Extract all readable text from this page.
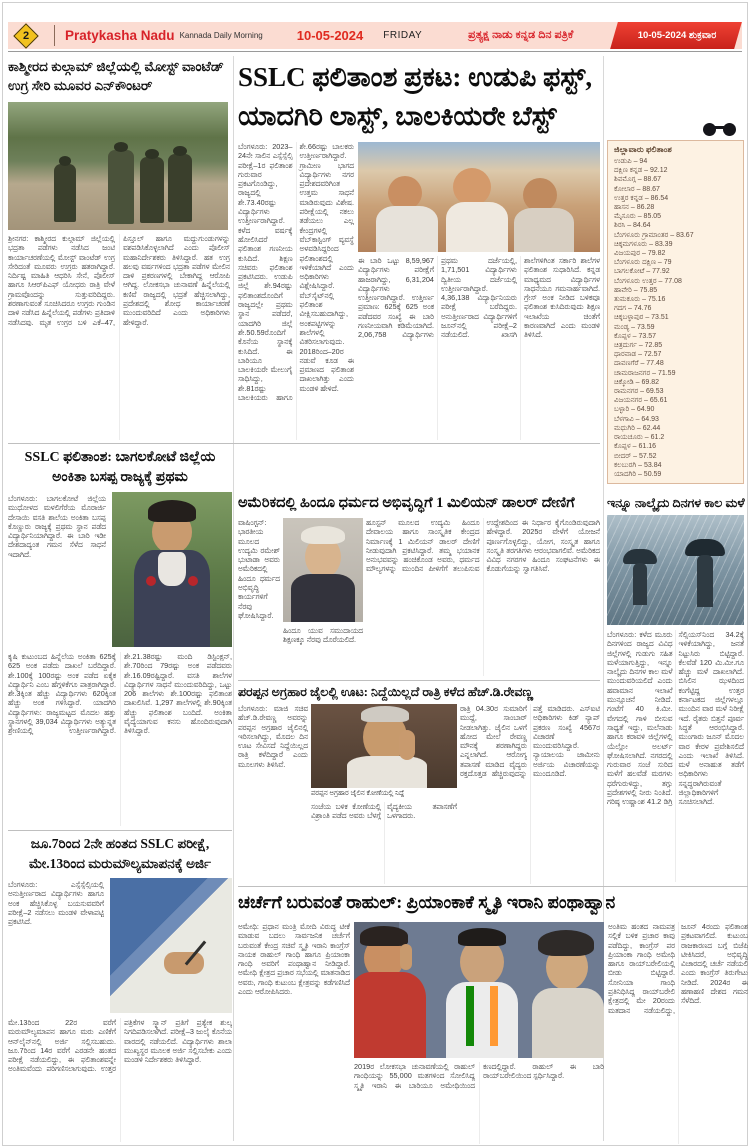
2	Pratykasha Nadu Kannada Daily Morning	10-05-2024 FRIDAY	ಪ್ರತ್ಯಕ್ಷ ನಾಡು ಕನ್ನಡ ದಿನ ಪತ್ರಿಕೆ	10-05-2024 ಶುಕ್ರವಾರ
ಕಾಶ್ಮೀರದ ಕುಲ್ಗಾಮ್ ಜಿಲ್ಲೆಯಲ್ಲಿ ಮೋಸ್ಟ್ ವಾಂಟೆಡ್ ಉಗ್ರ ಸೇರಿ ಮೂವರ ಎನ್‌ಕೌಂಟರ್
ಶ್ರೀನಗರ: ಕಾಶ್ಮೀರದ ಕುಲ್ಗಾಮ್ ಜಿಲ್ಲೆಯಲ್ಲಿ ಭದ್ರತಾ ಪಡೆಗಳು ನಡೆಸಿದ ಜಂಟಿ ಕಾರ್ಯಾಚರಣೆಯಲ್ಲಿ ಮೋಸ್ಟ್ ವಾಂಟೆಡ್ ಉಗ್ರ ಸೇರಿದಂತೆ ಮೂವರು ಉಗ್ರರು ಹತರಾಗಿದ್ದಾರೆ. ನಿರ್ದಿಷ್ಟ ಮಾಹಿತಿ ಆಧರಿಸಿ ಸೇನೆ, ಪೊಲೀಸ್ ಹಾಗೂ ಸಿಆರ್‌ಪಿಎಫ್ ಯೋಧರು ರಾತ್ರಿ ವೇಳೆ ಗ್ರಾಮವೊಂದನ್ನು ಸುತ್ತುವರಿದಿದ್ದರು. ಶರಣಾಗುವಂತೆ ಸೂಚಿಸಿದರೂ ಉಗ್ರರು ಗುಂಡಿನ ದಾಳಿ ನಡೆಸಿದ ಹಿನ್ನೆಲೆಯಲ್ಲಿ ಪಡೆಗಳು ಪ್ರತಿದಾಳಿ ನಡೆಸಿದವು. ಮೃತ ಉಗ್ರರ ಬಳಿ ಎಕೆ–47, ಪಿಸ್ತೂಲ್ ಹಾಗೂ ಮದ್ದುಗುಂಡುಗಳನ್ನು ವಶಪಡಿಸಿಕೊಳ್ಳಲಾಗಿದೆ ಎಂದು ಪೊಲೀಸ್ ಮಹಾನಿರ್ದೇಶಕರು ತಿಳಿಸಿದ್ದಾರೆ. ಹತ ಉಗ್ರ ಹಲವು ವರ್ಷಗಳಿಂದ ಭದ್ರತಾ ಪಡೆಗಳ ಮೇಲಿನ ದಾಳಿ ಪ್ರಕರಣಗಳಲ್ಲಿ ಬೇಕಾಗಿದ್ದ ಆರೋಪಿ ಆಗಿದ್ದ. ಲೋಕಸಭಾ ಚುನಾವಣೆ ಹಿನ್ನೆಲೆಯಲ್ಲಿ ಕಣಿವೆ ರಾಜ್ಯದಲ್ಲಿ ಭದ್ರತೆ ಹೆಚ್ಚಿಸಲಾಗಿದ್ದು, ಪ್ರದೇಶದಲ್ಲಿ ಶೋಧ ಕಾರ್ಯಾಚರಣೆ ಮುಂದುವರಿದಿದೆ ಎಂದು ಅಧಿಕಾರಿಗಳು ಹೇಳಿದ್ದಾರೆ.
SSLC ಫಲಿತಾಂಶ ಪ್ರಕಟ: ಉಡುಪಿ ಫಸ್ಟ್, ಯಾದಗಿರಿ ಲಾಸ್ಟ್, ಬಾಲಕಿಯರೇ ಬೆಸ್ಟ್
ಬೆಂಗಳೂರು: 2023–24ನೇ ಸಾಲಿನ ಎಸ್ಸೆಸ್ಸೆಲ್ಸಿ ಪರೀಕ್ಷೆ–1ರ ಫಲಿತಾಂಶ ಗುರುವಾರ ಪ್ರಕಟಗೊಂಡಿದ್ದು, ರಾಜ್ಯದಲ್ಲಿ ಶೇ.73.40ರಷ್ಟು ವಿದ್ಯಾರ್ಥಿಗಳು ಉತ್ತೀರ್ಣರಾಗಿದ್ದಾರೆ. ಕಳೆದ ವರ್ಷಕ್ಕೆ ಹೋಲಿಸಿದರೆ ಫಲಿತಾಂಶ ಗಣನೀಯ ಕುಸಿದಿದೆ. ಶಿಕ್ಷಣ ಸಚಿವರು ಫಲಿತಾಂಶ ಪ್ರಕಟಿಸಿದರು. ಉಡುಪಿ ಜಿಲ್ಲೆ ಶೇ.94ರಷ್ಟು ಫಲಿತಾಂಶದೊಂದಿಗೆ ರಾಜ್ಯದಲ್ಲೇ ಪ್ರಥಮ ಸ್ಥಾನ ಪಡೆದರೆ, ಯಾದಗಿರಿ ಜಿಲ್ಲೆ ಶೇ.50.59ರೊಂದಿಗೆ ಕೊನೆಯ ಸ್ಥಾನಕ್ಕೆ ಕುಸಿದಿದೆ. ಈ ಬಾರಿಯೂ ಬಾಲಕಿಯರೇ ಮೇಲುಗೈ ಸಾಧಿಸಿದ್ದು, ಶೇ.81ರಷ್ಟು ಬಾಲಕಿಯರು ಹಾಗೂ ಶೇ.66ರಷ್ಟು ಬಾಲಕರು ಉತ್ತೀರ್ಣರಾಗಿದ್ದಾರೆ. ಗ್ರಾಮೀಣ ಭಾಗದ ವಿದ್ಯಾರ್ಥಿಗಳು ನಗರ ಪ್ರದೇಶದವರಿಗಿಂತ ಉತ್ತಮ ಸಾಧನೆ ಮಾಡಿರುವುದು ವಿಶೇಷ. ಪರೀಕ್ಷೆಯಲ್ಲಿ ನಕಲು ತಡೆಯಲು ಎಲ್ಲ ಕೇಂದ್ರಗಳಲ್ಲಿ ವೆಬ್‌ಕಾಸ್ಟಿಂಗ್ ವ್ಯವಸ್ಥೆ ಅಳವಡಿಸಿದ್ದರಿಂದ ಫಲಿತಾಂಶದಲ್ಲಿ ಇಳಿಕೆಯಾಗಿದೆ ಎಂದು ಅಧಿಕಾರಿಗಳು ವಿಶ್ಲೇಷಿಸಿದ್ದಾರೆ. ವೆಬ್‌ಸೈಟ್‌ನಲ್ಲಿ ಫಲಿತಾಂಶ ವೀಕ್ಷಿಸಬಹುದಾಗಿದ್ದು, ಅಂಕಪಟ್ಟಿಗಳನ್ನು ಶಾಲೆಗಳಲ್ಲಿ ವಿತರಿಸಲಾಗುವುದು. 2018ರಿಂದ–20ರ ನಡುವೆ ಕೂಡ ಈ ಪ್ರಮಾಣದ ಫಲಿತಾಂಶ ದಾಖಲಾಗಿತ್ತು ಎಂದು ಮಂಡಳಿ ಹೇಳಿದೆ.
ಈ ಬಾರಿ ಒಟ್ಟು 8,59,967 ವಿದ್ಯಾರ್ಥಿಗಳು ಪರೀಕ್ಷೆಗೆ ಹಾಜರಾಗಿದ್ದು, 6,31,204 ವಿದ್ಯಾರ್ಥಿಗಳು ಉತ್ತೀರ್ಣರಾಗಿದ್ದಾರೆ. ಉತ್ತೀರ್ಣ ಪ್ರಮಾಣ: 625ಕ್ಕೆ 625 ಅಂಕ ಪಡೆದವರ ಸಂಖ್ಯೆ ಈ ಬಾರಿ ಗಣನೀಯವಾಗಿ ಕಡಿಮೆಯಾಗಿದೆ. 2,06,758 ವಿದ್ಯಾರ್ಥಿಗಳು ಪ್ರಥಮ ದರ್ಜೆಯಲ್ಲಿ, 1,71,501 ವಿದ್ಯಾರ್ಥಿಗಳು ದ್ವಿತೀಯ ದರ್ಜೆಯಲ್ಲಿ ಉತ್ತೀರ್ಣರಾಗಿದ್ದಾರೆ. 4,36,138 ವಿದ್ಯಾರ್ಥಿನಿಯರು ಪರೀಕ್ಷೆ ಬರೆದಿದ್ದರು. ಅನುತ್ತೀರ್ಣರಾದ ವಿದ್ಯಾರ್ಥಿಗಳಿಗೆ ಜೂನ್‌ನಲ್ಲಿ ಪರೀಕ್ಷೆ–2 ನಡೆಯಲಿದೆ. ಖಾಸಗಿ ಶಾಲೆಗಳಿಗಿಂತ ಸರ್ಕಾರಿ ಶಾಲೆಗಳ ಫಲಿತಾಂಶ ಸುಧಾರಿಸಿದೆ. ಕನ್ನಡ ಮಾಧ್ಯಮದ ವಿದ್ಯಾರ್ಥಿಗಳ ಸಾಧನೆಯೂ ಗಮನಾರ್ಹವಾಗಿದೆ. ಗ್ರೇಸ್ ಅಂಕ ನೀಡಿದ ಬಳಿಕವೂ ಫಲಿತಾಂಶ ಕುಸಿದಿರುವುದು ಶಿಕ್ಷಣ ಇಲಾಖೆಯ ಚಿಂತೆಗೆ ಕಾರಣವಾಗಿದೆ ಎಂದು ಮಂಡಳಿ ತಿಳಿಸಿದೆ.
ಜಿಲ್ಲಾವಾರು ಫಲಿತಾಂಶ
ಉಡುಪಿ – 94
ದಕ್ಷಿಣ ಕನ್ನಡ – 92.12
ಶಿವಮೊಗ್ಗ – 88.67
ಕೋಲಾರ – 88.67
ಉತ್ತರ ಕನ್ನಡ – 86.54
ಹಾಸನ – 86.28
ಮೈಸೂರು – 85.05
ಶಿರಸಿ – 84.64
ಬೆಂಗಳೂರು ಗ್ರಾಮಾಂತರ – 83.67
ಚಿಕ್ಕಮಗಳೂರು – 83.39
ವಿಜಯಪುರ – 79.82
ಬೆಂಗಳೂರು ದಕ್ಷಿಣ – 79
ಬಾಗಲಕೋಟೆ – 77.92
ಬೆಂಗಳೂರು ಉತ್ತರ – 77.08
ಹಾವೇರಿ – 75.85
ತುಮಕೂರು – 75.16
ಗದಗ – 74.76
ಚಿಕ್ಕಬಳ್ಳಾಪುರ – 73.51
ಮಂಡ್ಯ – 73.59
ಕೊಪ್ಪಳ – 73.57
ಚಿತ್ರದುರ್ಗ – 72.85
ಧಾರವಾಡ – 72.57
ದಾವಣಗೆರೆ – 77.48
ಚಾಮರಾಜನಗರ – 71.59
ಚಿಕ್ಕೋಡಿ – 69.82
ರಾಮನಗರ – 69.53
ವಿಜಯನಗರ – 65.61
ಬಳ್ಳಾರಿ – 64.90
ಬೆಳಗಾವಿ – 64.93
ಮಧುಗಿರಿ – 62.44
ರಾಯಚೂರು – 61.2
ಕೊಪ್ಪಳ – 61.16
ಬೀದರ್ – 57.52
ಕಲಬುರಗಿ – 53.84
ಯಾದಗಿರಿ – 50.59
SSLC ಫಲಿತಾಂಶ: ಬಾಗಲಕೋಟೆ ಜಿಲ್ಲೆಯ ಅಂಕಿತಾ ಬಸಪ್ಪ ರಾಜ್ಯಕ್ಕೆ ಪ್ರಥಮ
ಬೆಂಗಳೂರು: ಬಾಗಲಕೋಟೆ ಜಿಲ್ಲೆಯ ಮುಧೋಳದ ಮಳಲಿಗೆರೆಯ ಮೊರಾರ್ಜಿ ದೇಸಾಯಿ ವಸತಿ ಶಾಲೆಯ ಅಂಕಿತಾ ಬಸಪ್ಪ ಕೊಣ್ಣುರು ರಾಜ್ಯಕ್ಕೆ ಪ್ರಥಮ ಸ್ಥಾನ ಪಡೆದ ವಿದ್ಯಾರ್ಥಿನಿಯಾಗಿದ್ದಾರೆ. ಈ ಬಾರಿ ಇಡೀ ದೇಶದಾದ್ಯಂತ ಗಮನ ಸೆಳೆದ ಸಾಧನೆ ಇದಾಗಿದೆ.
ಕೃಷಿ ಕುಟುಂಬದ ಹಿನ್ನೆಲೆಯ ಅಂಕಿತಾ 625ಕ್ಕೆ 625 ಅಂಕ ಪಡೆದು ದಾಖಲೆ ಬರೆದಿದ್ದಾರೆ. ಶೇ.100ಕ್ಕೆ 100ರಷ್ಟು ಅಂಕ ಪಡೆದ ಏಕೈಕ ವಿದ್ಯಾರ್ಥಿನಿ ಎಂಬ ಹೆಗ್ಗಳಿಕೆಗೂ ಪಾತ್ರರಾಗಿದ್ದಾರೆ. ಶೇ.3ಕ್ಕಿಂತ ಹೆಚ್ಚು ವಿದ್ಯಾರ್ಥಿಗಳು 620ಕ್ಕಿಂತ ಹೆಚ್ಚು ಅಂಕ ಗಳಿಸಿದ್ದಾರೆ. ಯಾದಗಿರಿ ವಿದ್ಯಾರ್ಥಿಗಳು: ರಾಜ್ಯಮಟ್ಟದ ಮೊದಲ ಹತ್ತು ಸ್ಥಾನಗಳಲ್ಲಿ 39,034 ವಿದ್ಯಾರ್ಥಿಗಳು ಅತ್ಯುನ್ನತ ಶ್ರೇಣಿಯಲ್ಲಿ ಉತ್ತೀರ್ಣರಾಗಿದ್ದಾರೆ. ಶೇ.21.38ರಷ್ಟು ಮಂದಿ ಡಿಸ್ಟಿಂಕ್ಷನ್, ಶೇ.70ರಿಂದ 79ರಷ್ಟು ಅಂಕ ಪಡೆದವರು ಶೇ.16.09ರಷ್ಟಿದ್ದಾರೆ. ವಸತಿ ಶಾಲೆಗಳ ವಿದ್ಯಾರ್ಥಿಗಳ ಸಾಧನೆ ಮುಂದುವರಿದಿದ್ದು, ಒಟ್ಟು 206 ಶಾಲೆಗಳು ಶೇ.100ರಷ್ಟು ಫಲಿತಾಂಶ ದಾಖಲಿಸಿವೆ. 1,297 ಶಾಲೆಗಳಲ್ಲಿ ಶೇ.90ಕ್ಕಿಂತ ಹೆಚ್ಚು ಫಲಿತಾಂಶ ಬಂದಿದೆ. ಅಂಕಿತಾ ವೈದ್ಯೆಯಾಗುವ ಕನಸು ಹೊಂದಿರುವುದಾಗಿ ತಿಳಿಸಿದ್ದಾರೆ.
ಅಮೆರಿಕದಲ್ಲಿ ಹಿಂದೂ ಧರ್ಮದ ಅಭಿವೃದ್ಧಿಗೆ 1 ಮಿಲಿಯನ್ ಡಾಲರ್ ದೇಣಿಗೆ
ವಾಷಿಂಗ್ಟನ್: ಭಾರತೀಯ ಮೂಲದ ಉದ್ಯಮಿ ರಮೇಶ್ ಭುಟಾಡಾ ಅವರು ಅಮೆರಿಕದಲ್ಲಿ ಹಿಂದೂ ಧರ್ಮದ ಅಭಿವೃದ್ಧಿ ಕಾರ್ಯಗಳಿಗೆ ನೆರವು ಘೋಷಿಸಿದ್ದಾರೆ.
ಹಿಂದೂ ಯುವ ಸಮುದಾಯದ ಶಿಕ್ಷಣಕ್ಕೂ ನೆರವು ದೊರೆಯಲಿದೆ.
ಹೂಸ್ಟನ್ ಮೂಲದ ಉದ್ಯಮಿ ಹಿಂದೂ ದೇವಾಲಯ ಹಾಗೂ ಸಾಂಸ್ಕೃತಿಕ ಕೇಂದ್ರದ ನಿರ್ಮಾಣಕ್ಕೆ 1 ಮಿಲಿಯನ್ ಡಾಲರ್ ದೇಣಿಗೆ ನೀಡುವುದಾಗಿ ಪ್ರಕಟಿಸಿದ್ದಾರೆ. ತಮ್ಮ ಭಯಾನಕ ಅನುಭವವನ್ನು ಹಂಚಿಕೊಂಡ ಅವರು, ಧರ್ಮದ ಮೌಲ್ಯಗಳನ್ನು ಮುಂದಿನ ಪೀಳಿಗೆಗೆ ತಲುಪಿಸುವ ಉದ್ದೇಶದಿಂದ ಈ ನಿರ್ಧಾರ ಕೈಗೊಂಡಿರುವುದಾಗಿ ಹೇಳಿದ್ದಾರೆ. 2025ರ ವೇಳೆಗೆ ಯೋಜನೆ ಪೂರ್ಣಗೊಳ್ಳಲಿದ್ದು, ಯೋಗ, ಸಂಸ್ಕೃತ ಹಾಗೂ ಸಂಸ್ಕೃತಿ ತರಗತಿಗಳು ಆರಂಭವಾಗಲಿವೆ. ಅಮೆರಿಕದ ವಿವಿಧ ನಗರಗಳ ಹಿಂದೂ ಸಂಘಟನೆಗಳು ಈ ಕೊಡುಗೆಯನ್ನು ಸ್ವಾಗತಿಸಿವೆ.
ಪರಪ್ಪನ ಅಗ್ರಹಾರ ಜೈಲಲ್ಲಿ ಊಟ: ನಿದ್ದೆಯಿಲ್ಲದೆ ರಾತ್ರಿ ಕಳೆದ ಹೆಚ್.ಡಿ.ರೇವಣ್ಣ
ಬೆಂಗಳೂರು: ಮಾಜಿ ಸಚಿವ ಹೆಚ್.ಡಿ.ರೇವಣ್ಣ ಅವರನ್ನು ಪರಪ್ಪನ ಅಗ್ರಹಾರ ಜೈಲಿನಲ್ಲಿ ಇರಿಸಲಾಗಿದ್ದು, ಮೊದಲ ದಿನ ಊಟ ಸೇವಿಸದೆ ನಿದ್ದೆಯಿಲ್ಲದ ರಾತ್ರಿ ಕಳೆದಿದ್ದಾರೆ ಎಂದು ಮೂಲಗಳು ತಿಳಿಸಿವೆ.
ಪರಪ್ಪನ ಅಗ್ರಹಾರ ಜೈಲಿನ ಕೋಣೆಯಲ್ಲಿ ನಿದ್ದೆ
ಸಂಜೆಯ ಬಳಿಕ ಕೋಣೆಯಲ್ಲಿ ವಿಶ್ರಾಂತಿ ಪಡೆದ ಅವರು ಬೆಳಗ್ಗೆ ವೈದ್ಯಕೀಯ ತಪಾಸಣೆಗೆ ಒಳಗಾದರು.
ರಾತ್ರಿ 04.30ರ ಸುಮಾರಿಗೆ ಮುದ್ದೆ, ಸಾಂಬಾರ್ ನೀಡಲಾಗಿತ್ತು. ಜೈಲಿನ ಒಳಗೆ ಹೋದ ಮೇಲೆ ರೇವಣ್ಣ ಮೌನಕ್ಕೆ ಶರಣಾಗಿದ್ದರು ಎನ್ನಲಾಗಿದೆ. ಆರೋಗ್ಯ ತಪಾಸಣೆ ಮಾಡಿದ ವೈದ್ಯರು ರಕ್ತದೊತ್ತಡ ಹೆಚ್ಚಿರುವುದನ್ನು ಪತ್ತೆ ಮಾಡಿದರು. ಎಸ್‌ಐಟಿ ಅಧಿಕಾರಿಗಳು ಕಿಡ್ ನ್ಯಾಪ್ ಪ್ರಕರಣ ಸಂಖ್ಯೆ 4567ರ ವಿಚಾರಣೆ ಮುಂದುವರಿಸಿದ್ದಾರೆ. ನ್ಯಾಯಾಲಯ ಜಾಮೀನು ಅರ್ಜಿಯ ವಿಚಾರಣೆಯನ್ನು ಮುಂದೂಡಿದೆ.
ಇನ್ನೂ ನಾಲ್ಕೈದು ದಿನಗಳ ಕಾಲ ಮಳೆ
ಬೆಂಗಳೂರು: ಕಳೆದ ಮೂರು ದಿನಗಳಿಂದ ರಾಜ್ಯದ ವಿವಿಧ ಜಿಲ್ಲೆಗಳಲ್ಲಿ ಗುಡುಗು ಸಹಿತ ಮಳೆಯಾಗುತ್ತಿದ್ದು, ಇನ್ನೂ ನಾಲ್ಕೈದು ದಿನಗಳ ಕಾಲ ಮಳೆ ಮುಂದುವರಿಯಲಿದೆ ಎಂದು ಹವಾಮಾನ ಇಲಾಖೆ ಮುನ್ಸೂಚನೆ ನೀಡಿದೆ. ಗಂಟೆಗೆ 40 ಕಿ.ಮೀ. ವೇಗದಲ್ಲಿ ಗಾಳಿ ಬೀಸುವ ಸಾಧ್ಯತೆ ಇದ್ದು, ಮಲೆನಾಡು ಹಾಗೂ ಕರಾವಳಿ ಜಿಲ್ಲೆಗಳಲ್ಲಿ ಯೆಲ್ಲೋ ಅಲರ್ಟ್ ಘೋಷಿಸಲಾಗಿದೆ. ನಗರದಲ್ಲಿ ಗುರುವಾರ ಸಂಜೆ ಸುರಿದ ಮಳೆಗೆ ಹಲವೆಡೆ ಮರಗಳು ಧರೆಗುರುಳಿದ್ದು, ತಗ್ಗು ಪ್ರದೇಶಗಳಲ್ಲಿ ನೀರು ನಿಂತಿದೆ. ಗರಿಷ್ಠ ಉಷ್ಣಾಂಶ 41.2 ಡಿಗ್ರಿ ಸೆಲ್ಸಿಯಸ್‌ನಿಂದ 34.2ಕ್ಕೆ ಇಳಿಕೆಯಾಗಿದ್ದು, ಜನತೆ ನಿಟ್ಟುಸಿರು ಬಿಟ್ಟಿದ್ದಾರೆ. ಕೆಲವೆಡೆ 120 ಮಿ.ಮೀ.ಗೂ ಹೆಚ್ಚು ಮಳೆ ದಾಖಲಾಗಿದೆ. ಬಿಸಿಲಿನ ಝಳದಿಂದ ಕಂಗೆಟ್ಟಿದ್ದ ಉತ್ತರ ಕರ್ನಾಟಕದ ಜಿಲ್ಲೆಗಳಲ್ಲೂ ಮುಂದಿನ ವಾರ ಮಳೆ ನಿರೀಕ್ಷೆ ಇದೆ. ರೈತರು ಬಿತ್ತನೆ ಪೂರ್ವ ಸಿದ್ಧತೆ ಆರಂಭಿಸಿದ್ದಾರೆ. ಮುಂಗಾರು ಜೂನ್ ಮೊದಲ ವಾರ ಕೇರಳ ಪ್ರವೇಶಿಸಲಿದೆ ಎಂದು ಇಲಾಖೆ ತಿಳಿಸಿದೆ. ಮಳೆ ಅನಾಹುತ ತಡೆಗೆ ಅಧಿಕಾರಿಗಳು ಸನ್ನದ್ಧರಾಗಿರುವಂತೆ ಜಿಲ್ಲಾಧಿಕಾರಿಗಳಿಗೆ ಸೂಚಿಸಲಾಗಿದೆ.
ಜೂ.7ರಿಂದ 2ನೇ ಹಂತದ SSLC ಪರೀಕ್ಷೆ, ಮೇ.13ರಿಂದ ಮರುಮೌಲ್ಯಮಾಪನಕ್ಕೆ ಅರ್ಜಿ
ಬೆಂಗಳೂರು: ಎಸ್ಸೆಸ್ಸೆಲ್ಸಿಯಲ್ಲಿ ಅನುತ್ತೀರ್ಣರಾದ ವಿದ್ಯಾರ್ಥಿಗಳು ಹಾಗೂ ಅಂಕ ಹೆಚ್ಚಿಸಿಕೊಳ್ಳ ಬಯಸುವವರಿಗೆ ಪರೀಕ್ಷೆ–2 ನಡೆಸಲು ಮಂಡಳಿ ವೇಳಾಪಟ್ಟಿ ಪ್ರಕಟಿಸಿದೆ.
ಮೇ.13ರಿಂದ 22ರ ವರೆಗೆ ಮರುಮೌಲ್ಯಮಾಪನ ಹಾಗೂ ಮರು ಎಣಿಕೆಗೆ ಆನ್‌ಲೈನ್‌ನಲ್ಲಿ ಅರ್ಜಿ ಸಲ್ಲಿಸಬಹುದು. ಜೂ.7ರಿಂದ 14ರ ವರೆಗೆ ಎರಡನೇ ಹಂತದ ಪರೀಕ್ಷೆ ನಡೆಯಲಿದ್ದು, ಈ ಫಲಿತಾಂಶವನ್ನೇ ಅಂತಿಮವೆಂದು ಪರಿಗಣಿಸಲಾಗುವುದು. ಉತ್ತರ ಪತ್ರಿಕೆಗಳ ಸ್ಕ್ಯಾನ್ ಪ್ರತಿಗೆ ಪ್ರತ್ಯೇಕ ಶುಲ್ಕ ನಿಗದಿಪಡಿಸಲಾಗಿದೆ. ಪರೀಕ್ಷೆ–3 ಜುಲೈ ಕೊನೆಯ ವಾರದಲ್ಲಿ ನಡೆಯಲಿದೆ. ವಿದ್ಯಾರ್ಥಿಗಳು ಶಾಲಾ ಮುಖ್ಯಸ್ಥರ ಮೂಲಕ ಅರ್ಜಿ ಸಲ್ಲಿಸಬೇಕು ಎಂದು ಮಂಡಳಿ ನಿರ್ದೇಶಕರು ತಿಳಿಸಿದ್ದಾರೆ.
ಚರ್ಚೆಗೆ ಬರುವಂತೆ ರಾಹುಲ್: ಪ್ರಿಯಾಂಕಾಕೆ ಸ್ಮೃತಿ ಇರಾನಿ ಪಂಥಾಹ್ವಾನ
ಅಮೇಥಿ: ಪ್ರಧಾನ ಮಂತ್ರಿ ಮೋದಿ ವಿರುದ್ಧ ಟೀಕೆ ಮಾಡುವ ಬದಲು ಸಾರ್ವಜನಿಕ ಚರ್ಚೆಗೆ ಬರುವಂತೆ ಕೇಂದ್ರ ಸಚಿವೆ ಸ್ಮೃತಿ ಇರಾನಿ ಕಾಂಗ್ರೆಸ್ ನಾಯಕ ರಾಹುಲ್ ಗಾಂಧಿ ಹಾಗೂ ಪ್ರಿಯಾಂಕಾ ಗಾಂಧಿ ಅವರಿಗೆ ಪಂಥಾಹ್ವಾನ ನೀಡಿದ್ದಾರೆ. ಅಮೇಥಿ ಕ್ಷೇತ್ರದ ಪ್ರಚಾರ ಸಭೆಯಲ್ಲಿ ಮಾತನಾಡಿದ ಅವರು, ಗಾಂಧಿ ಕುಟುಂಬ ಕ್ಷೇತ್ರವನ್ನು ಕಡೆಗಣಿಸಿದೆ ಎಂದು ಆರೋಪಿಸಿದರು.
2019ರ ಲೋಕಸಭಾ ಚುನಾವಣೆಯಲ್ಲಿ ರಾಹುಲ್ ಗಾಂಧಿಯನ್ನು 55,000 ಮತಗಳಿಂದ ಸೋಲಿಸಿದ್ದ ಸ್ಮೃತಿ ಇರಾನಿ ಈ ಬಾರಿಯೂ ಅಮೇಥಿಯಿಂದ ಕಣದಲ್ಲಿದ್ದಾರೆ. ರಾಹುಲ್ ಈ ಬಾರಿ ರಾಯ್‌ಬರೇಲಿಯಿಂದ ಸ್ಪರ್ಧಿಸಿದ್ದಾರೆ.
ಅಂತಿಮ ಹಂತದ ನಾಮಪತ್ರ ಸಲ್ಲಿಕೆ ಬಳಿಕ ಪ್ರಚಾರ ಕಾವು ಪಡೆದಿದ್ದು, ಕಾಂಗ್ರೆಸ್ ಪರ ಪ್ರಿಯಾಂಕಾ ಗಾಂಧಿ ಅಮೇಥಿ ಹಾಗೂ ರಾಯ್‌ಬರೇಲಿಯಲ್ಲಿ ಬೀಡು ಬಿಟ್ಟಿದ್ದಾರೆ. ಸೋನಿಯಾ ಗಾಂಧಿ ಪ್ರತಿನಿಧಿಸಿದ್ದ ರಾಯ್‌ಬರೇಲಿ ಕ್ಷೇತ್ರದಲ್ಲಿ ಮೇ 20ರಂದು ಮತದಾನ ನಡೆಯಲಿದ್ದು, ಜೂನ್ 4ರಂದು ಫಲಿತಾಂಶ ಪ್ರಕಟವಾಗಲಿದೆ. ಕುಟುಂಬ ರಾಜಕಾರಣದ ಬಗ್ಗೆ ಬಿಜೆಪಿ ಟೀಕಿಸಿದರೆ, ಅಭಿವೃದ್ಧಿ ವಿಚಾರದಲ್ಲಿ ಚರ್ಚೆ ನಡೆಯಲಿ ಎಂದು ಕಾಂಗ್ರೆಸ್ ತಿರುಗೇಟು ನೀಡಿದೆ. 2024ರ ಈ ಹಣಾಹಣಿ ದೇಶದ ಗಮನ ಸೆಳೆದಿದೆ.
